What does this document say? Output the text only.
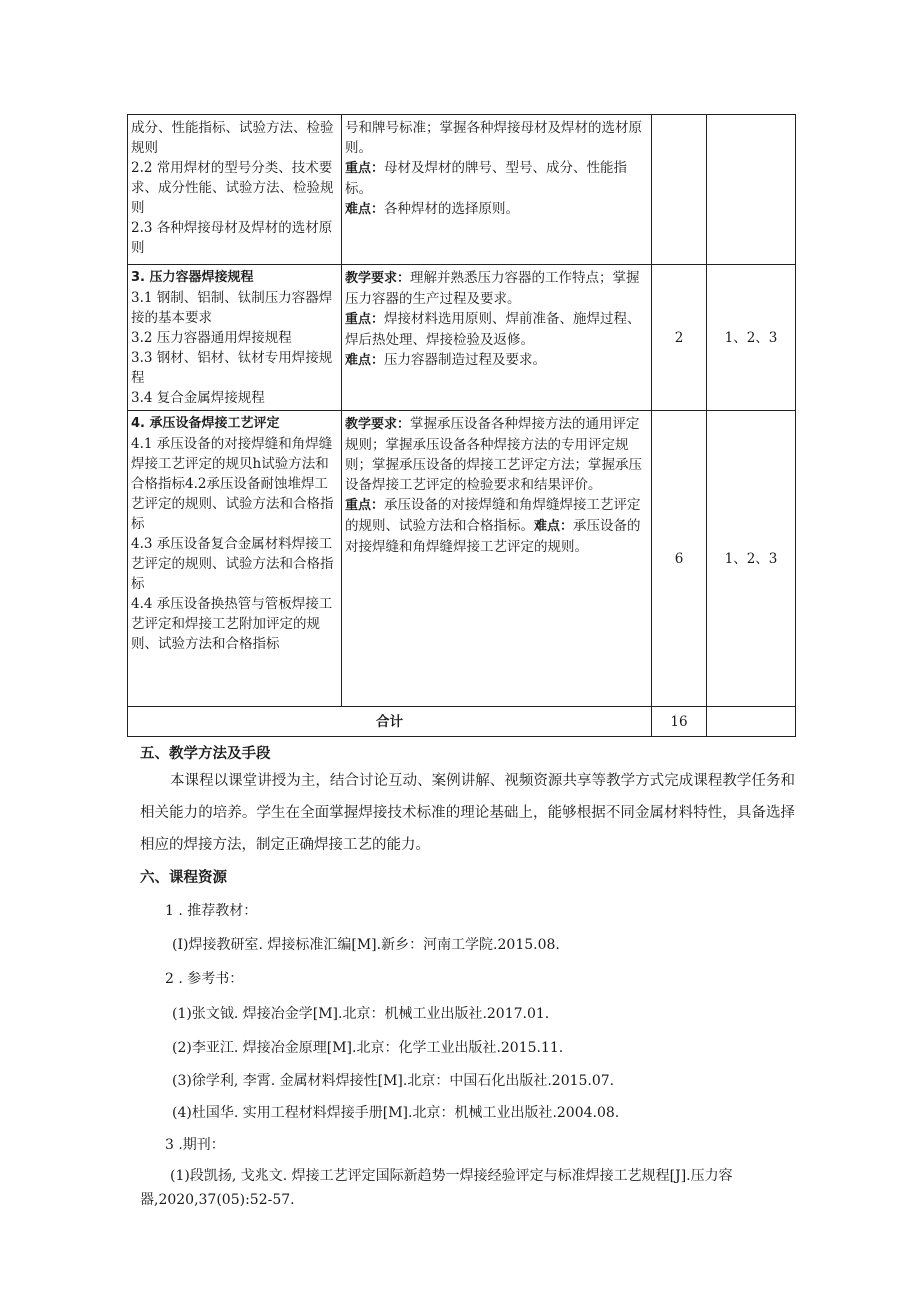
成分、性能指标、试验方法、检验规则
2.2 常用焊材的型号分类、技术要求、成分性能、试验方法、检验规则
2.3 各种焊接母材及焊材的选材原则	号和牌号标准；掌握各种焊接母材及焊材的选材原则。
重点：母材及焊材的牌号、型号、成分、性能指标。
难点：各种焊材的选择原则。		

3. 压力容器焊接规程
3.1 钢制、铝制、钛制压力容器焊接的基本要求
3.2 压力容器通用焊接规程
3.3 钢材、铝材、钛材专用焊接规程
3.4 复合金属焊接规程	教学要求：理解并熟悉压力容器的工作特点；掌握压力容器的生产过程及要求。
重点：焊接材料选用原则、焊前准备、施焊过程、焊后热处理、焊接检验及返修。
难点：压力容器制造过程及要求。	2	1、2、3

4. 承压设备焊接工艺评定
4.1 承压设备的对接焊缝和角焊缝焊接工艺评定的规贝h试验方法和合格指标4.2承压设备耐蚀堆焊工艺评定的规则、试验方法和合格指标
4.3 承压设备复合金属材料焊接工艺评定的规则、试验方法和合格指标
4.4 承压设备换热管与管板焊接工艺评定和焊接工艺附加评定的规则、试验方法和合格指标	教学要求：掌握承压设备各种焊接方法的通用评定规则；掌握承压设备各种焊接方法的专用评定规则；掌握承压设备的焊接工艺评定方法；掌握承压设备焊接工艺评定的检验要求和结果评价。
重点：承压设备的对接焊缝和角焊缝焊接工艺评定的规则、试验方法和合格指标。难点：承压设备的对接焊缝和角焊缝焊接工艺评定的规则。	6	1、2、3
合计		16	
五、教学方法及手段
本课程以课堂讲授为主，结合讨论互动、案例讲解、视频资源共享等教学方式完成课程教学任务和相关能力的培养。学生在全面掌握焊接技术标准的理论基础上，能够根据不同金属材料特性，具备选择相应的焊接方法，制定正确焊接工艺的能力。
六、课程资源
1 . 推荐教材：
(I)焊接教研室. 焊接标准汇编[M].新乡：河南工学院.2015.08.
2 . 参考书：
(1)张文钺. 焊接冶金学[M].北京：机械工业出版社.2017.01.
(2)李亚江. 焊接冶金原理[M].北京：化学工业出版社.2015.11.
(3)徐学利, 李霄. 金属材料焊接性[M].北京：中国石化出版社.2015.07.
(4)杜国华. 实用工程材料焊接手册[M].北京：机械工业出版社.2004.08.
3 .期刊：
(1)段凯扬, 戈兆文. 焊接工艺评定国际新趋势一焊接经验评定与标准焊接工艺规程[J].压力容器,2020,37(05):52-57.
